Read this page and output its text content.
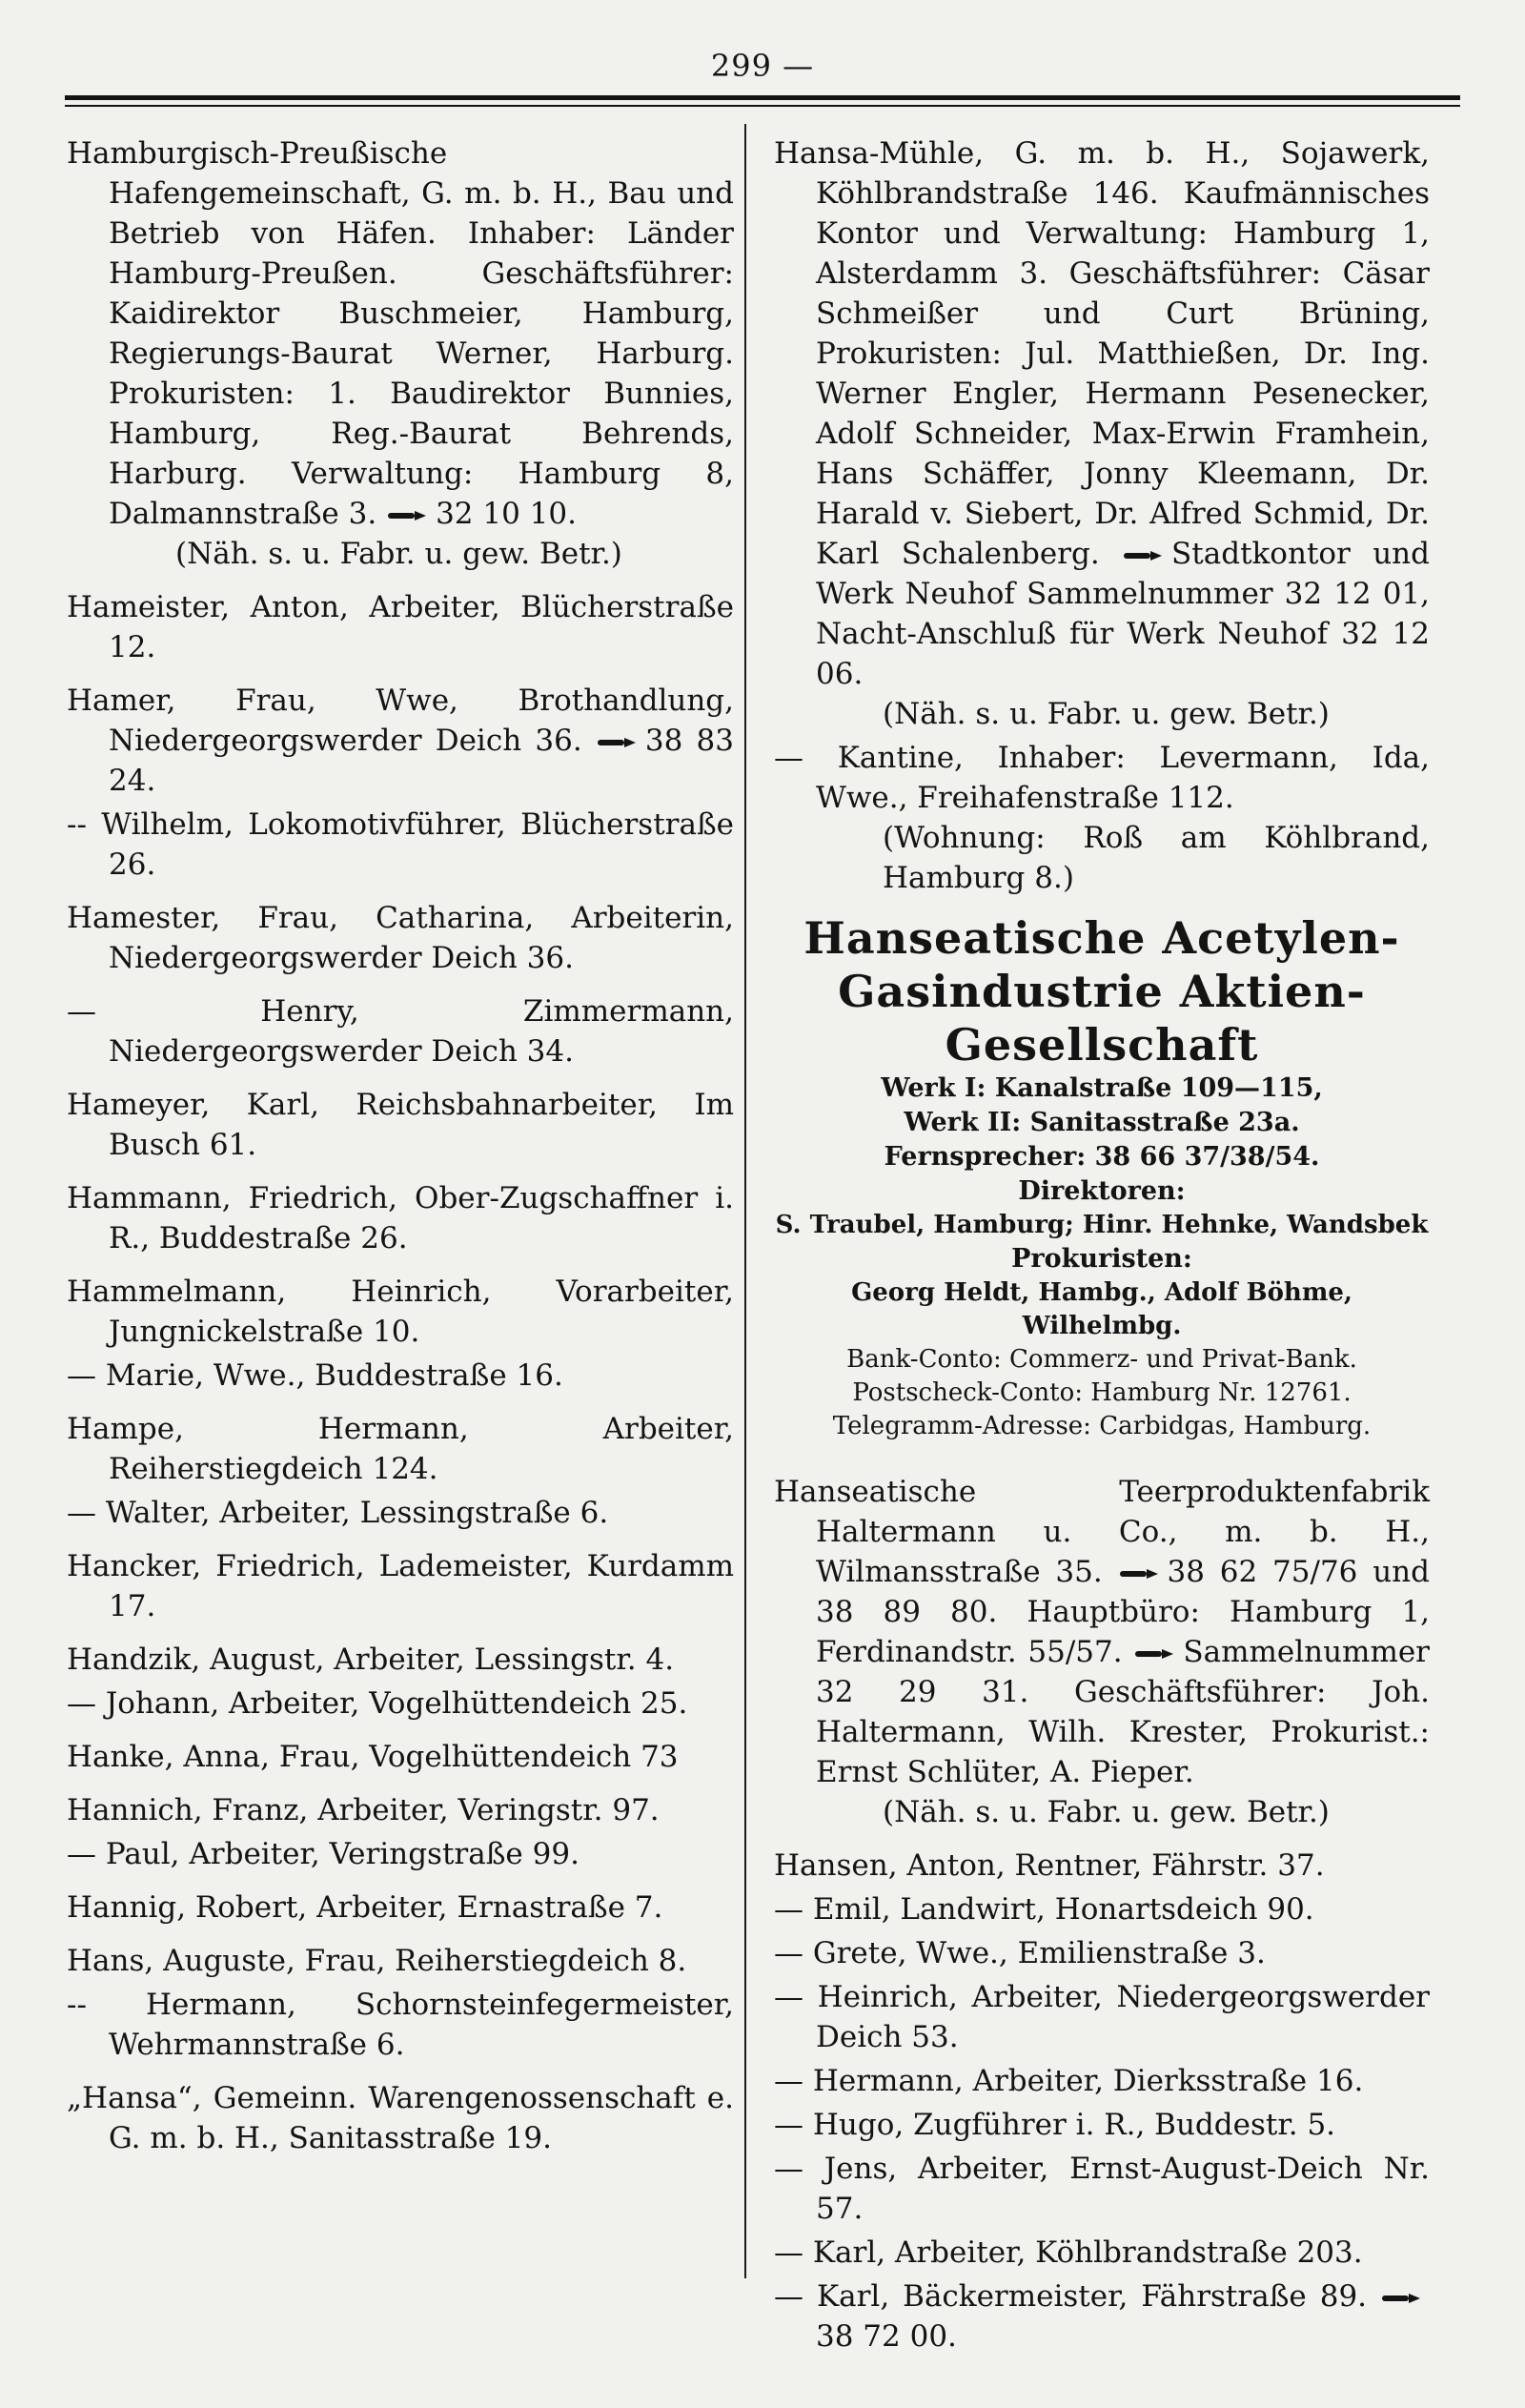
299 —

Hamburgisch-Preußische Hafengemeinschaft, G. m. b. H., Bau und Betrieb von Häfen. Inhaber: Länder Hamburg-Preußen. Geschäftsführer: Kaidirektor Buschmeier, Hamburg, Regierungs-Baurat Werner, Harburg. Prokuristen: 1. Baudirektor Bunnies, Hamburg, Reg.-Baurat Behrends, Harburg. Verwaltung: Hamburg 8, Dalmannstraße 3. 32 10 10.
(Näh. s. u. Fabr. u. gew. Betr.)

Hameister, Anton, Arbeiter, Blücherstraße 12.

Hamer, Frau, Wwe, Brothandlung, Niedergeorgswerder Deich 36. 38 83 24.

-- Wilhelm, Lokomotivführer, Blücherstraße 26.

Hamester, Frau, Catharina, Arbeiterin, Niedergeorgswerder Deich 36.

— Henry, Zimmermann, Niedergeorgswerder Deich 34.

Hameyer, Karl, Reichsbahnarbeiter, Im Busch 61.

Hammann, Friedrich, Ober-Zugschaffner i. R., Buddestraße 26.

Hammelmann, Heinrich, Vorarbeiter, Jungnickelstraße 10.

— Marie, Wwe., Buddestraße 16.

Hampe, Hermann, Arbeiter, Reiherstiegdeich 124.

— Walter, Arbeiter, Lessingstraße 6.

Hancker, Friedrich, Lademeister, Kurdamm 17.

Handzik, August, Arbeiter, Lessingstr. 4.

— Johann, Arbeiter, Vogelhüttendeich 25.

Hanke, Anna, Frau, Vogelhüttendeich 73

Hannich, Franz, Arbeiter, Veringstr. 97.

— Paul, Arbeiter, Veringstraße 99.

Hannig, Robert, Arbeiter, Ernastraße 7.

Hans, Auguste, Frau, Reiherstiegdeich 8.

-- Hermann, Schornsteinfegermeister, Wehrmannstraße 6.

„Hansa“, Gemeinn. Warengenossenschaft e. G. m. b. H., Sanitasstraße 19.

Hansa-Mühle, G. m. b. H., Sojawerk, Köhlbrandstraße 146. Kaufmännisches Kontor und Verwaltung: Hamburg 1, Alsterdamm 3. Geschäftsführer: Cäsar Schmeißer und Curt Brüning, Prokuristen: Jul. Matthießen, Dr. Ing. Werner Engler, Hermann Pesenecker, Adolf Schneider, Max-Erwin Framhein, Hans Schäffer, Jonny Kleemann, Dr. Harald v. Siebert, Dr. Alfred Schmid, Dr. Karl Schalenberg. Stadtkontor und Werk Neuhof Sammelnummer 32 12 01, Nacht-Anschluß für Werk Neuhof 32 12 06.
(Näh. s. u. Fabr. u. gew. Betr.)

— Kantine, Inhaber: Levermann, Ida, Wwe., Freihafenstraße 112.
(Wohnung: Roß am Köhlbrand, Hamburg 8.)

Hanseatische Acetylen-Gasindustrie Aktien-Gesellschaft
Werk I: Kanalstraße 109—115,
Werk II: Sanitasstraße 23a.
Fernsprecher: 38 66 37/38/54.
Direktoren:
S. Traubel, Hamburg; Hinr. Hehnke, Wandsbek
Prokuristen:
Georg Heldt, Hambg., Adolf Böhme, Wilhelmbg.
Bank-Conto: Commerz- und Privat-Bank.
Postscheck-Conto: Hamburg Nr. 12761.
Telegramm-Adresse: Carbidgas, Hamburg.

Hanseatische Teerproduktenfabrik Haltermann u. Co., m. b. H., Wilmansstraße 35. 38 62 75/76 und 38 89 80. Hauptbüro: Hamburg 1, Ferdinandstr. 55/57. Sammelnummer 32 29 31. Geschäftsführer: Joh. Haltermann, Wilh. Krester, Prokurist.: Ernst Schlüter, A. Pieper.
(Näh. s. u. Fabr. u. gew. Betr.)

Hansen, Anton, Rentner, Fährstr. 37.

— Emil, Landwirt, Honartsdeich 90.

— Grete, Wwe., Emilienstraße 3.

— Heinrich, Arbeiter, Niedergeorgswerder Deich 53.

— Hermann, Arbeiter, Dierksstraße 16.

— Hugo, Zugführer i. R., Buddestr. 5.

— Jens, Arbeiter, Ernst-August-Deich Nr. 57.

— Karl, Arbeiter, Köhlbrandstraße 203.

— Karl, Bäckermeister, Fährstraße 89. 38 72 00.
